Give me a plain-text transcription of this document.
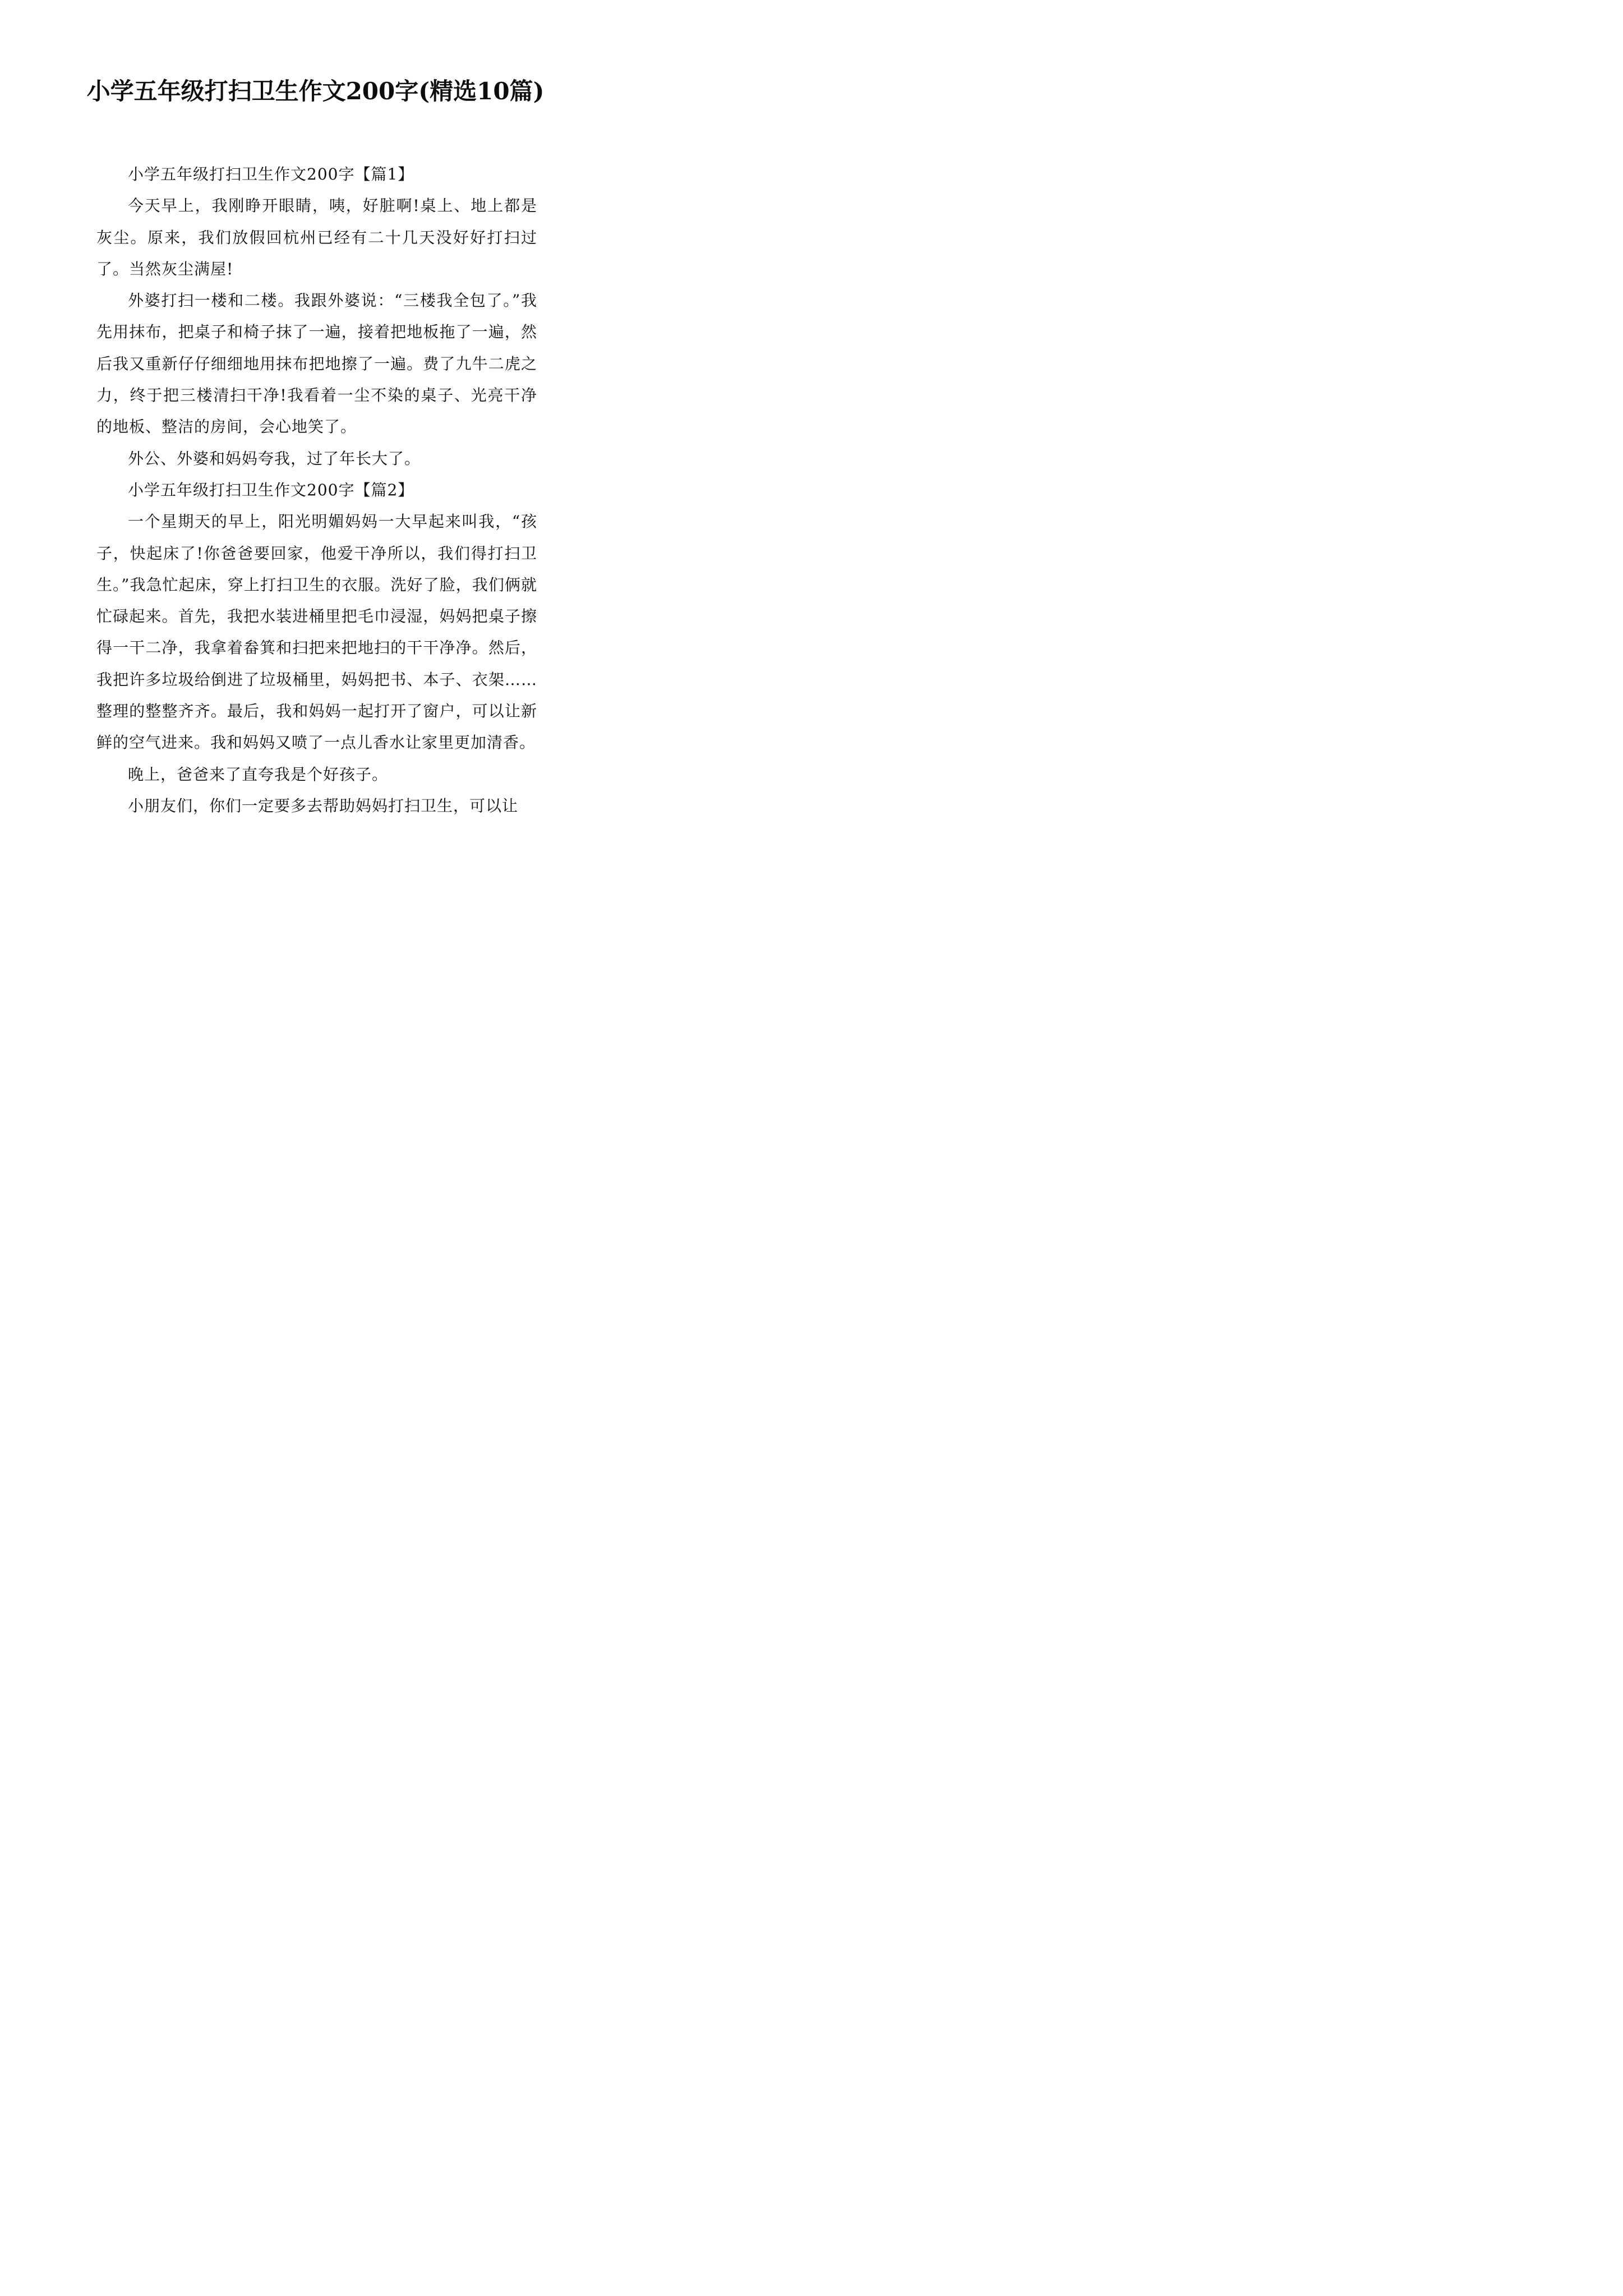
小学五年级打扫卫生作文200字(精选10篇)

小学五年级打扫卫生作文200字【篇1】

今天早上，我刚睁开眼睛，咦，好脏啊!桌上、地上都是灰尘。原来，我们放假回杭州已经有二十几天没好好打扫过了。当然灰尘满屋!

外婆打扫一楼和二楼。我跟外婆说：“三楼我全包了。”我先用抹布，把桌子和椅子抹了一遍，接着把地板拖了一遍，然后我又重新仔仔细细地用抹布把地擦了一遍。费了九牛二虎之力，终于把三楼清扫干净!我看着一尘不染的桌子、光亮干净的地板、整洁的房间，会心地笑了。

外公、外婆和妈妈夸我，过了年长大了。

小学五年级打扫卫生作文200字【篇2】

一个星期天的早上，阳光明媚妈妈一大早起来叫我，“孩子，快起床了!你爸爸要回家，他爱干净所以，我们得打扫卫生。”我急忙起床，穿上打扫卫生的衣服。洗好了脸，我们俩就忙碌起来。首先，我把水装进桶里把毛巾浸湿，妈妈把桌子擦得一干二净，我拿着畚箕和扫把来把地扫的干干净净。然后，我把许多垃圾给倒进了垃圾桶里，妈妈把书、本子、衣架……整理的整整齐齐。最后，我和妈妈一起打开了窗户，可以让新鲜的空气进来。我和妈妈又喷了一点儿香水让家里更加清香。

晚上，爸爸来了直夸我是个好孩子。

小朋友们，你们一定要多去帮助妈妈打扫卫生，可以让
